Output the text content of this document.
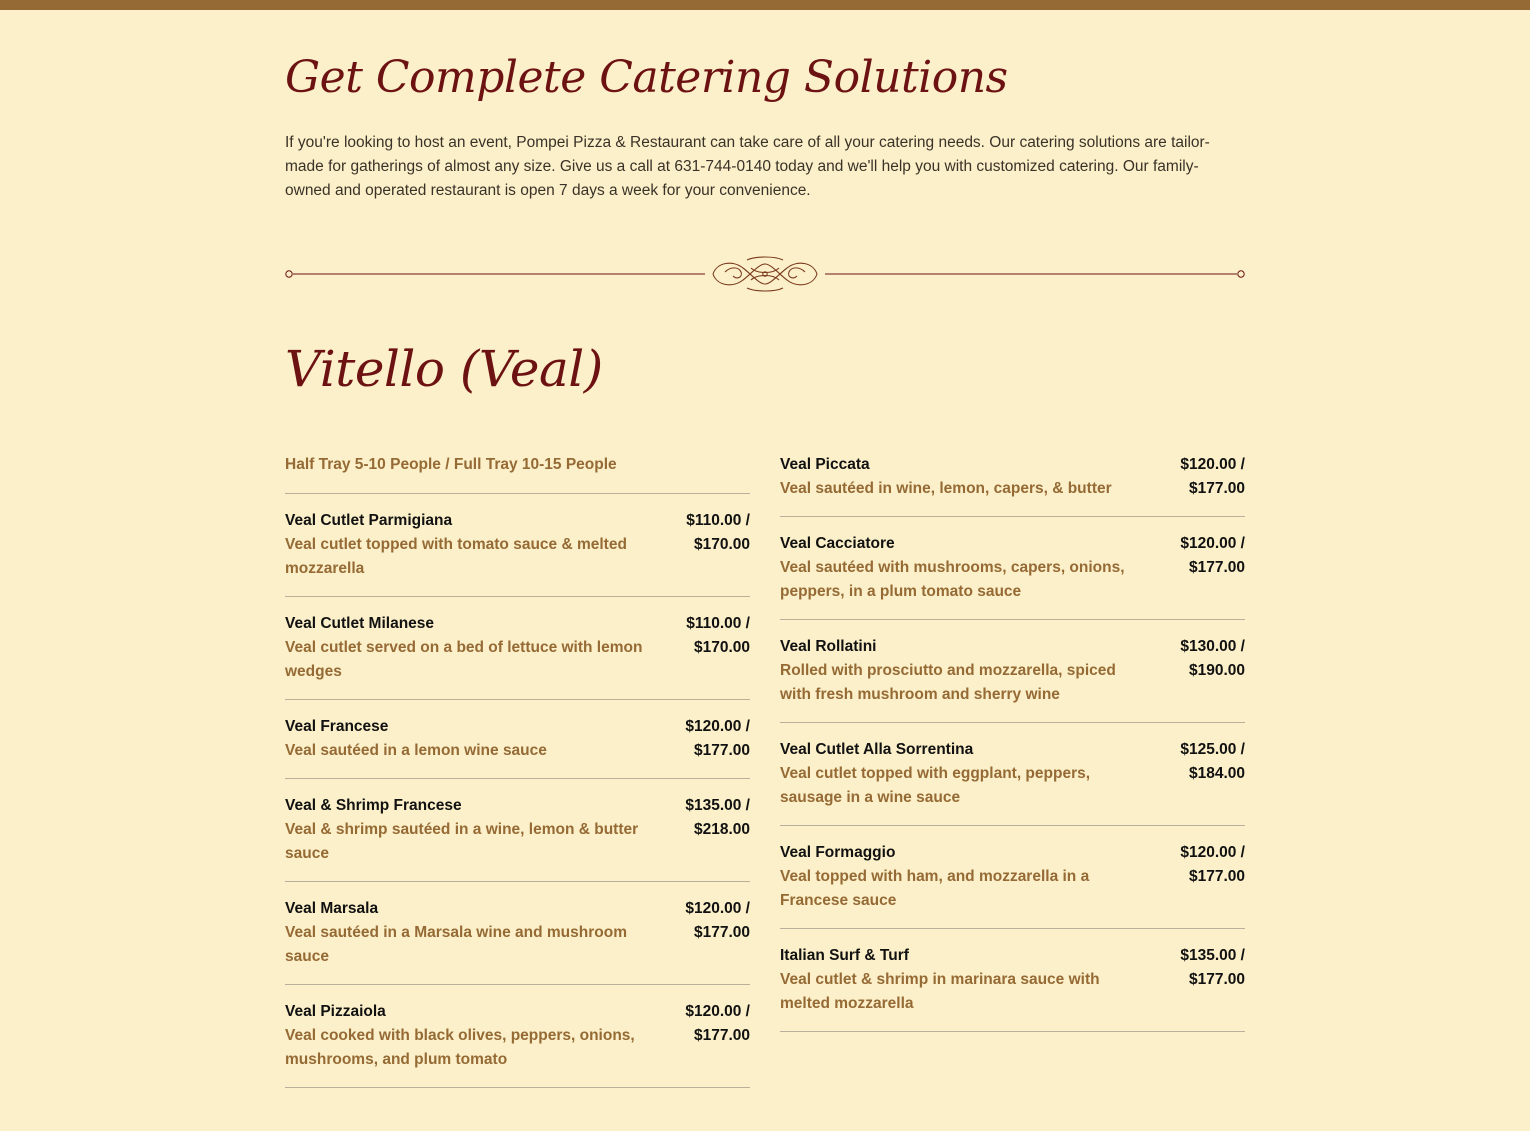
Get Complete Catering Solutions

If you're looking to host an event, Pompei Pizza & Restaurant can take care of all your catering needs. Our catering solutions are tailor-made for gatherings of almost any size. Give us a call at 631-744-0140 today and we'll help you with customized catering. Our family-owned and operated restaurant is open 7 days a week for your convenience.

Vitello (Veal)
Half Tray 5-10 People / Full Tray 10-15 People
Veal Cutlet Parmigiana
Veal cutlet topped with tomato sauce & melted mozzarella
$110.00 /
$170.00
Veal Cutlet Milanese
Veal cutlet served on a bed of lettuce with lemon wedges
$110.00 /
$170.00
Veal Francese
Veal sautéed in a lemon wine sauce
$120.00 /
$177.00
Veal & Shrimp Francese
Veal & shrimp sautéed in a wine, lemon & butter sauce
$135.00 /
$218.00
Veal Marsala
Veal sautéed in a Marsala wine and mushroom sauce
$120.00 /
$177.00
Veal Pizzaiola
Veal cooked with black olives, peppers, onions, mushrooms, and plum tomato
$120.00 /
$177.00
Veal Piccata
Veal sautéed in wine, lemon, capers, & butter
$120.00 /
$177.00
Veal Cacciatore
Veal sautéed with mushrooms, capers, onions, peppers, in a plum tomato sauce
$120.00 /
$177.00
Veal Rollatini
Rolled with prosciutto and mozzarella, spiced with fresh mushroom and sherry wine
$130.00 /
$190.00
Veal Cutlet Alla Sorrentina
Veal cutlet topped with eggplant, peppers, sausage in a wine sauce
$125.00 /
$184.00
Veal Formaggio
Veal topped with ham, and mozzarella in a Francese sauce
$120.00 /
$177.00
Italian Surf & Turf
Veal cutlet & shrimp in marinara sauce with melted mozzarella
$135.00 /
$177.00
